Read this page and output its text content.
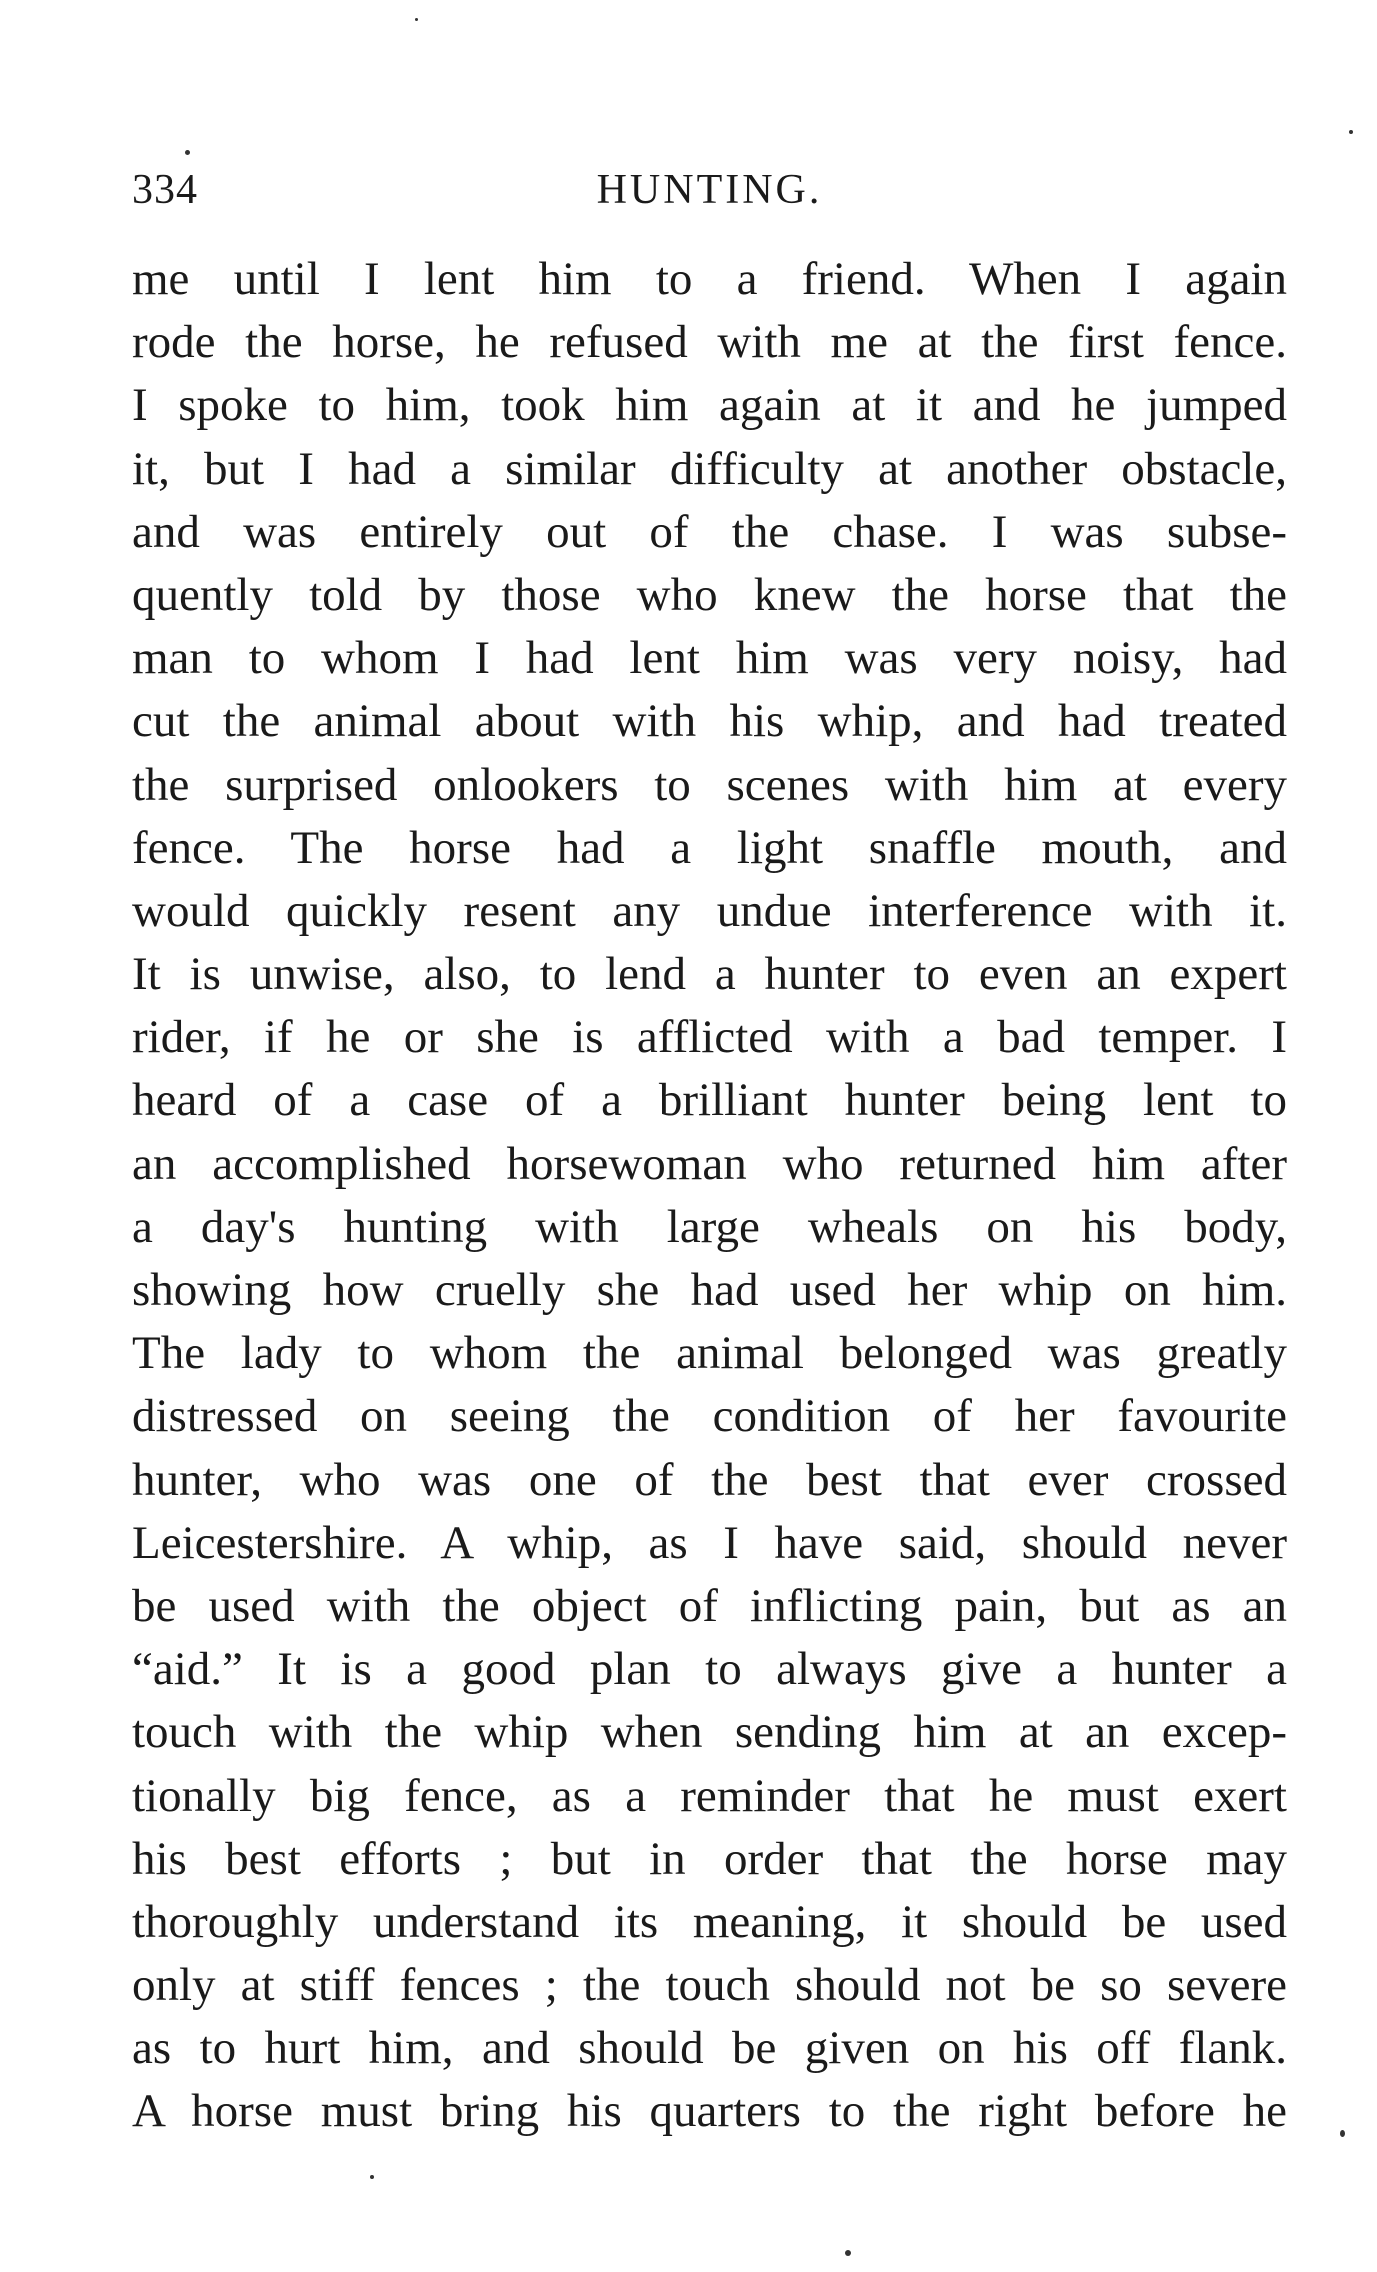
334	HUNTING.
me until I lent him to a friend. When I again
rode the horse, he refused with me at the first fence.
I spoke to him, took him again at it and he jumped
it, but I had a similar difficulty at another obstacle,
and was entirely out of the chase. I was subse-
quently told by those who knew the horse that the
man to whom I had lent him was very noisy, had
cut the animal about with his whip, and had treated
the surprised onlookers to scenes with him at every
fence. The horse had a light snaffle mouth, and
would quickly resent any undue interference with it.
It is unwise, also, to lend a hunter to even an expert
rider, if he or she is afflicted with a bad temper. I
heard of a case of a brilliant hunter being lent to
an accomplished horsewoman who returned him after
a day's hunting with large wheals on his body,
showing how cruelly she had used her whip on him.
The lady to whom the animal belonged was greatly
distressed on seeing the condition of her favourite
hunter, who was one of the best that ever crossed
Leicestershire. A whip, as I have said, should never
be used with the object of inflicting pain, but as an
“aid.” It is a good plan to always give a hunter a
touch with the whip when sending him at an excep-
tionally big fence, as a reminder that he must exert
his best efforts ; but in order that the horse may
thoroughly understand its meaning, it should be used
only at stiff fences ; the touch should not be so severe
as to hurt him, and should be given on his off flank.
A horse must bring his quarters to the right before he
